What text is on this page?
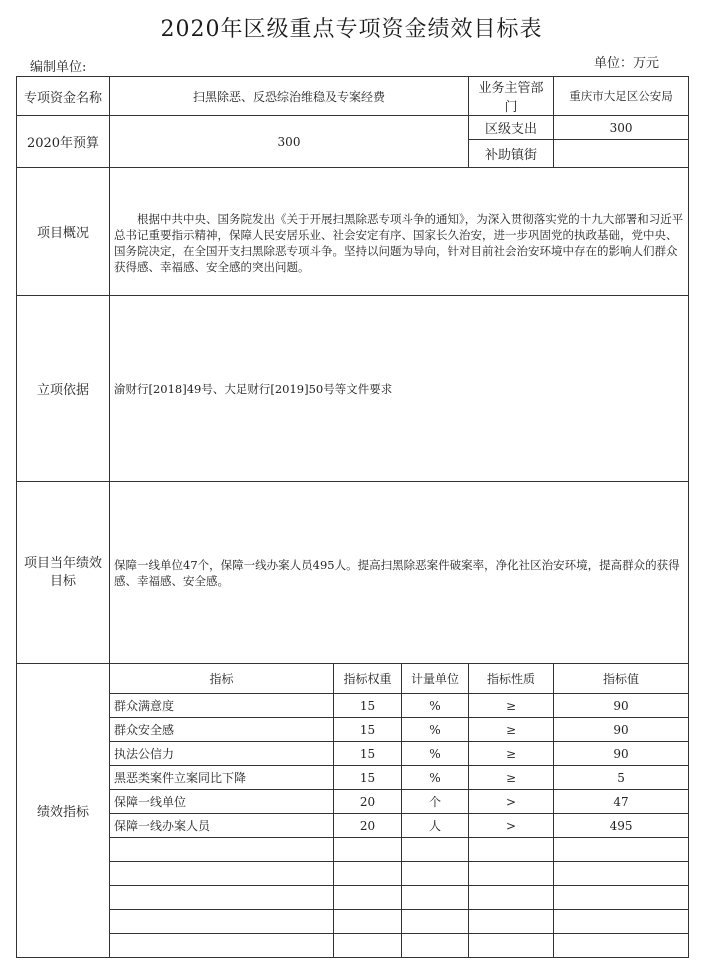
2020年区级重点专项资金绩效目标表
编制单位:	单位：万元
专项资金名称	扫黑除恶、反恐综治维稳及专案经费			业务主管部门	重庆市大足区公安局
2020年预算	300			区级支出	300
				补助镇街	
项目概况	根据中共中央、国务院发出《关于开展扫黑除恶专项斗争的通知》，为深入贯彻落实党的十九大部署和习近平总书记重要指示精神，保障人民安居乐业、社会安定有序、国家长久治安，进一步巩固党的执政基础，党中央、国务院决定，在全国开支扫黑除恶专项斗争。坚持以问题为导向，针对目前社会治安环境中存在的影响人们群众获得感、幸福感、安全感的突出问题。				
立项依据	渝财行[2018]49号、大足财行[2019]50号等文件要求				
项目当年绩效目标	保障一线单位47个，保障一线办案人员495人。提高扫黑除恶案件破案率，净化社区治安环境，提高群众的获得感、幸福感、安全感。				
绩效指标	指标	指标权重	计量单位	指标性质	指标值
	群众满意度	15	%	≥	90
	群众安全感	15	%	≥	90
	执法公信力	15	%	≥	90
	黑恶类案件立案同比下降	15	%	≥	5
	保障一线单位	20	个	>	47
	保障一线办案人员	20	人	>	495
